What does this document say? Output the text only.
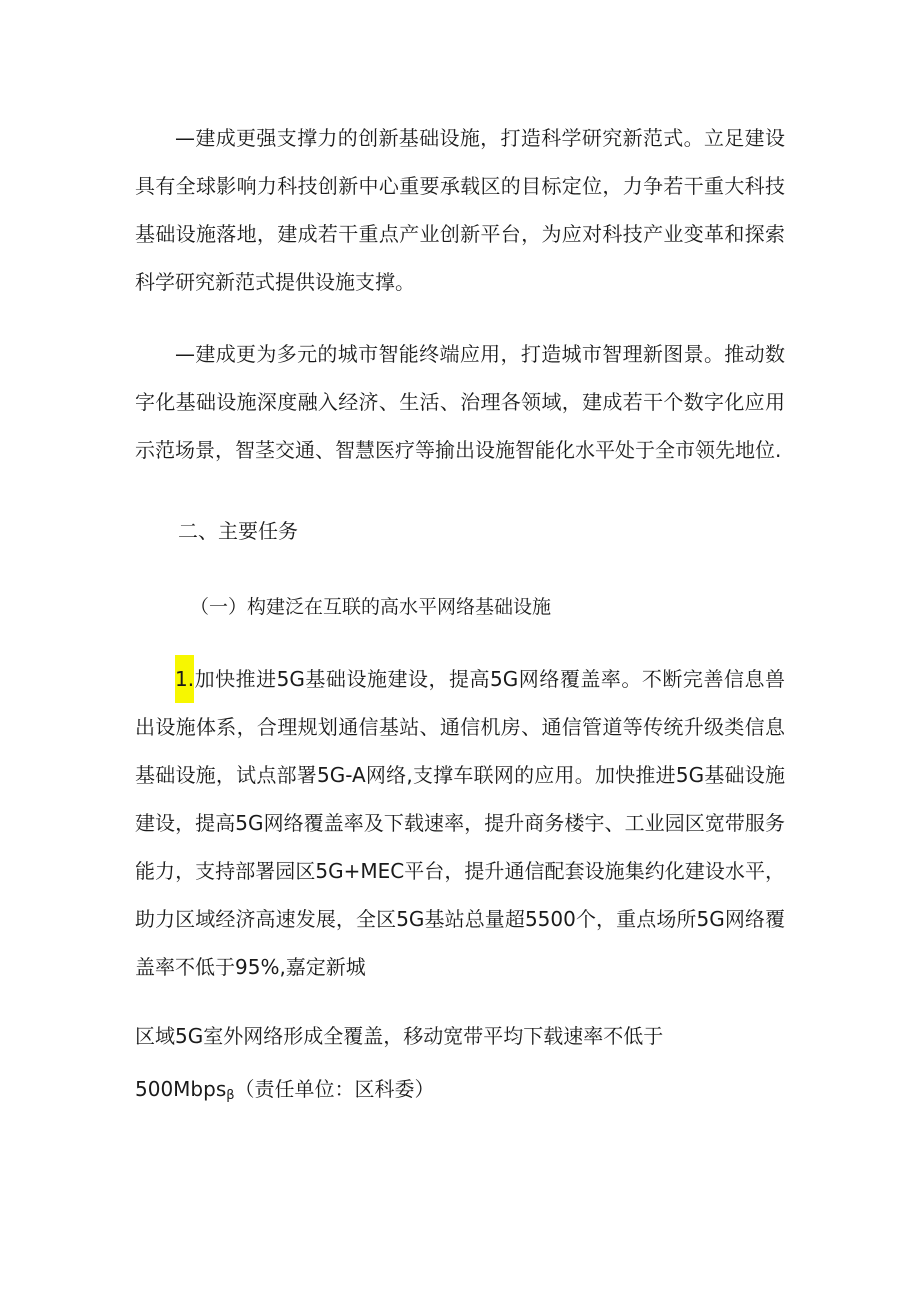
—建成更强支撑力的创新基础设施，打造科学研究新范式。立足建设具有全球影响力科技创新中心重要承载区的目标定位，力争若干重大科技基础设施落地，建成若干重点产业创新平台，为应对科技产业变革和探索科学研究新范式提供设施支撑。

—建成更为多元的城市智能终端应用，打造城市智理新图景。推动数字化基础设施深度融入经济、生活、治理各领域，建成若干个数字化应用示范场景，智茎交通、智慧医疗等揄出设施智能化水平处于全市领先地位.

二、主要任务
（一）构建泛在互联的高水平网络基础设施

1.加快推进5G基础设施建设，提高5G网络覆盖率。不断完善信息兽出设施体系，合理规划通信基站、通信机房、通信管道等传统升级类信息基础设施，试点部署5G-A网络,支撑车联网的应用。加快推进5G基础设施建设，提高5G网络覆盖率及下载速率，提升商务楼宇、工业园区宽带服务能力，支持部署园区5G+MEC平台，提升通信配套设施集约化建设水平，助力区域经济高速发展，全区5G基站总量超5500个，重点场所5G网络覆盖率不低于95%,嘉定新城

区域5G室外网络形成全覆盖，移动宽带平均下载速率不低于

500Mbps$_\beta$（责任单位：区科委）
